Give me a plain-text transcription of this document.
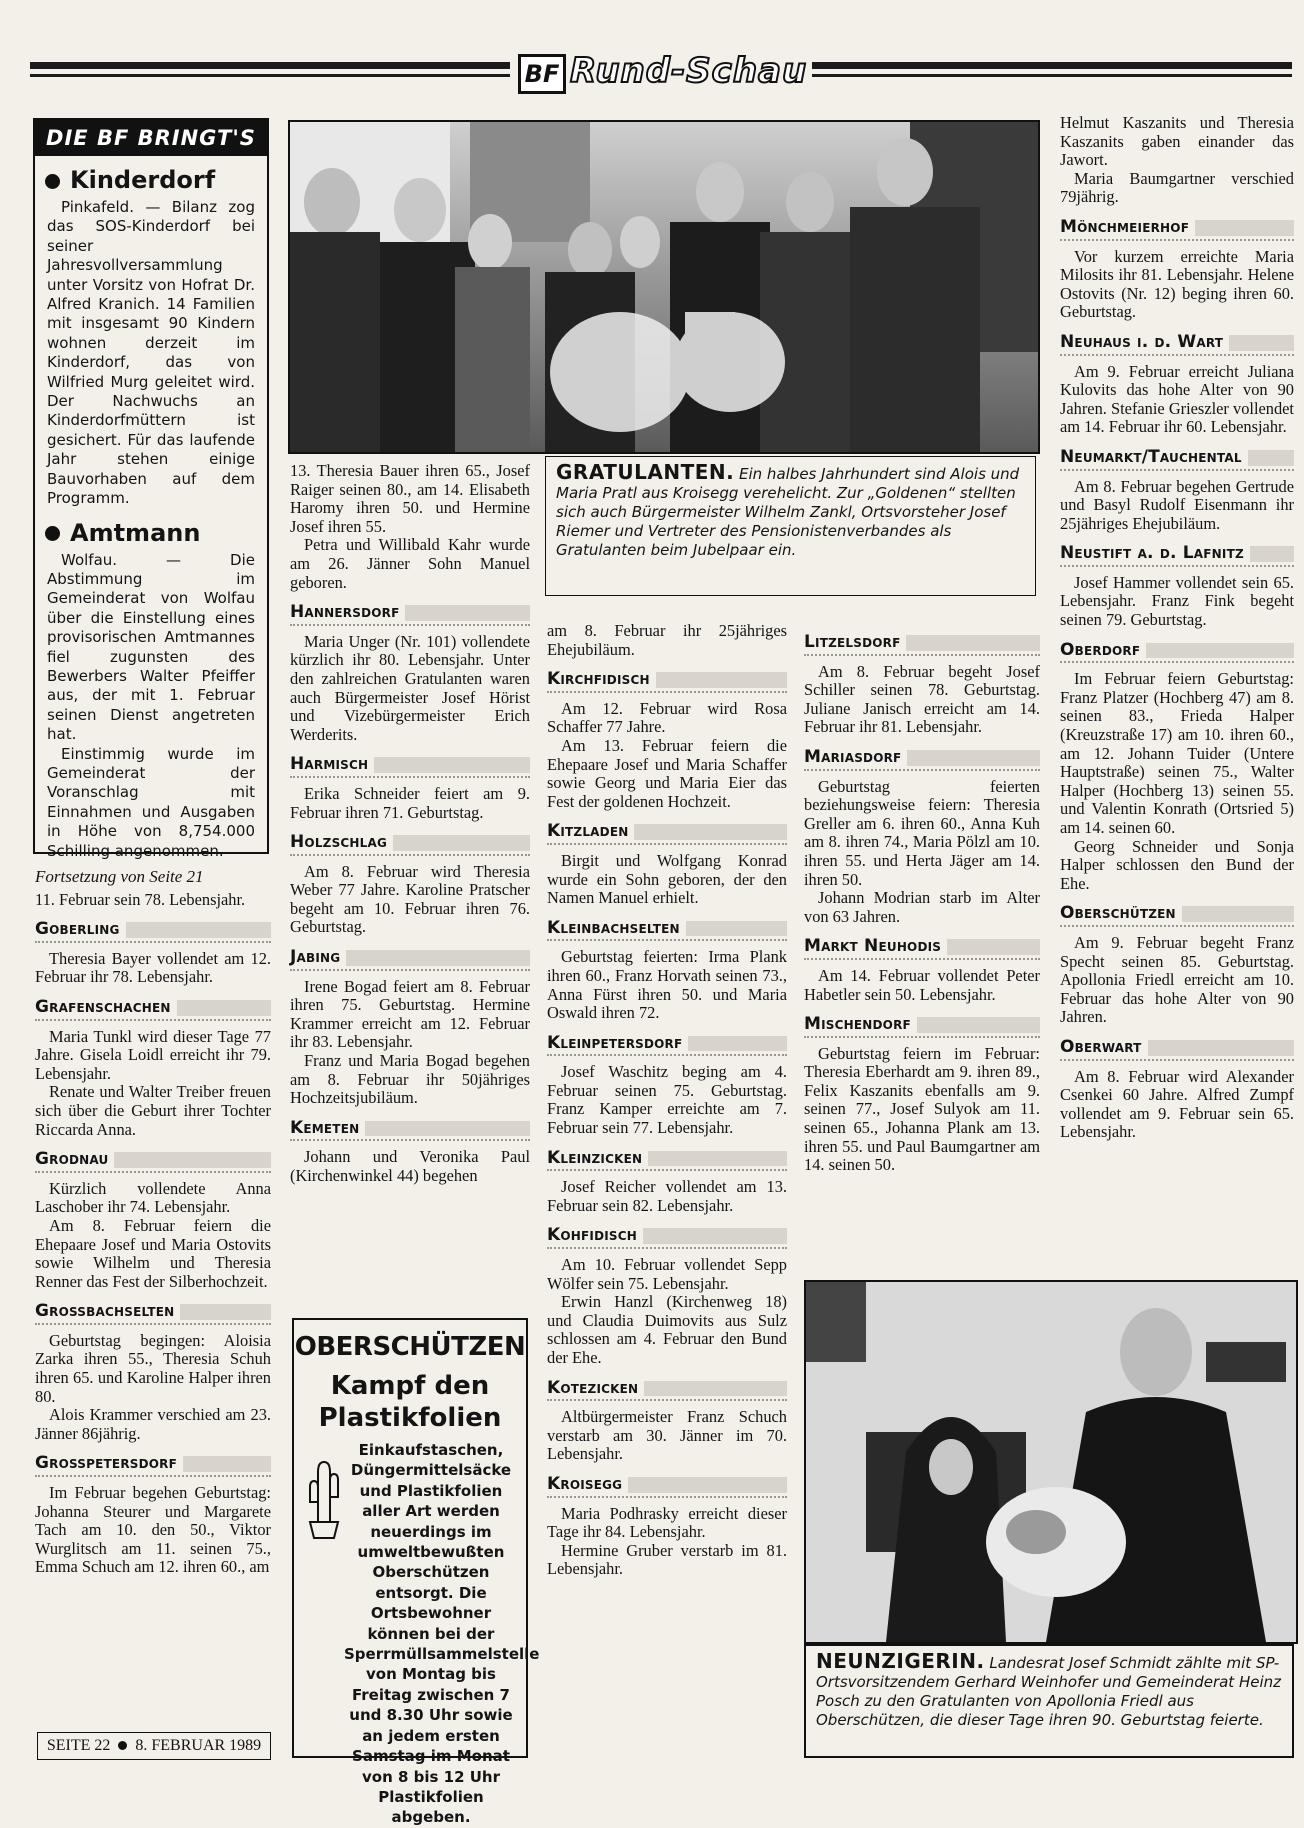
BF Rund-Schau
DIE BF BRINGT'S
Kinderdorf

Pinkafeld. — Bilanz zog das SOS-Kinderdorf bei seiner Jahresvollversammlung unter Vorsitz von Hofrat Dr. Alfred Kranich. 14 Familien mit insgesamt 90 Kindern wohnen derzeit im Kinderdorf, das von Wilfried Murg geleitet wird. Der Nachwuchs an Kinderdorfmüttern ist gesichert. Für das laufende Jahr stehen einige Bauvorhaben auf dem Programm.

Amtmann

Wolfau. — Die Abstimmung im Gemeinderat von Wolfau über die Einstellung eines provisorischen Amtmannes fiel zugunsten des Bewerbers Walter Pfeiffer aus, der mit 1. Februar seinen Dienst angetreten hat.

Einstimmig wurde im Gemeinderat der Voranschlag mit Einnahmen und Ausgaben in Höhe von 8,754.000 Schilling angenommen.

Fortsetzung von Seite 21

11. Februar sein 78. Lebensjahr.

Goberling

Theresia Bayer vollendet am 12. Februar ihr 78. Lebensjahr.

Grafenschachen

Maria Tunkl wird dieser Tage 77 Jahre. Gisela Loidl erreicht ihr 79. Lebensjahr.

Renate und Walter Treiber freuen sich über die Geburt ihrer Tochter Riccarda Anna.

Grodnau

Kürzlich vollendete Anna Laschober ihr 74. Lebensjahr.

Am 8. Februar feiern die Ehepaare Josef und Maria Ostovits sowie Wilhelm und Theresia Renner das Fest der Silberhochzeit.

Grossbachselten

Geburtstag begingen: Aloisia Zarka ihren 55., Theresia Schuh ihren 65. und Karoline Halper ihren 80.

Alois Krammer verschied am 23. Jänner 86jährig.

Grosspetersdorf

Im Februar begehen Geburtstag: Johanna Steurer und Margarete Tach am 10. den 50., Viktor Wurglitsch am 11. seinen 75., Emma Schuch am 12. ihren 60., am

SEITE 22 8. FEBRUAR 1989
GRATULANTEN. Ein halbes Jahrhundert sind Alois und Maria Pratl aus Kroisegg verehelicht. Zur „Goldenen“ stellten sich auch Bürgermeister Wilhelm Zankl, Ortsvorsteher Josef Riemer und Vertreter des Pensionistenverbandes als Gratulanten beim Jubelpaar ein.

13. Theresia Bauer ihren 65., Josef Raiger seinen 80., am 14. Elisabeth Haromy ihren 50. und Hermine Josef ihren 55.

Petra und Willibald Kahr wurde am 26. Jänner Sohn Manuel geboren.

Hannersdorf

Maria Unger (Nr. 101) vollendete kürzlich ihr 80. Lebensjahr. Unter den zahlreichen Gratulanten waren auch Bürgermeister Josef Hörist und Vizebürgermeister Erich Werderits.

Harmisch

Erika Schneider feiert am 9. Februar ihren 71. Geburtstag.

Holzschlag

Am 8. Februar wird Theresia Weber 77 Jahre. Karoline Pratscher begeht am 10. Februar ihren 76. Geburtstag.

Jabing

Irene Bogad feiert am 8. Februar ihren 75. Geburtstag. Hermine Krammer erreicht am 12. Februar ihr 83. Lebensjahr.

Franz und Maria Bogad begehen am 8. Februar ihr 50jähriges Hochzeitsjubiläum.

Kemeten

Johann und Veronika Paul (Kirchenwinkel 44) begehen

OBERSCHÜTZEN
Kampf den Plastikfolien
Einkaufstaschen, Düngermittelsäcke und Plastikfolien aller Art werden neuerdings im umweltbewußten Oberschützen entsorgt. Die Ortsbewohner können bei der Sperrmüllsammelstelle von Montag bis Freitag zwischen 7 und 8.30 Uhr sowie an jedem ersten Samstag im Monat von 8 bis 12 Uhr Plastikfolien abgeben.

am 8. Februar ihr 25jähriges Ehejubiläum.

Kirchfidisch

Am 12. Februar wird Rosa Schaffer 77 Jahre.

Am 13. Februar feiern die Ehepaare Josef und Maria Schaffer sowie Georg und Maria Eier das Fest der goldenen Hochzeit.

Kitzladen

Birgit und Wolfgang Konrad wurde ein Sohn geboren, der den Namen Manuel erhielt.

Kleinbachselten

Geburtstag feierten: Irma Plank ihren 60., Franz Horvath seinen 73., Anna Fürst ihren 50. und Maria Oswald ihren 72.

Kleinpetersdorf

Josef Waschitz beging am 4. Februar seinen 75. Geburtstag. Franz Kamper erreichte am 7. Februar sein 77. Lebensjahr.

Kleinzicken

Josef Reicher vollendet am 13. Februar sein 82. Lebensjahr.

Kohfidisch

Am 10. Februar vollendet Sepp Wölfer sein 75. Lebensjahr.

Erwin Hanzl (Kirchenweg 18) und Claudia Duimovits aus Sulz schlossen am 4. Februar den Bund der Ehe.

Kotezicken

Altbürgermeister Franz Schuch verstarb am 30. Jänner im 70. Lebensjahr.

Kroisegg

Maria Podhrasky erreicht dieser Tage ihr 84. Lebensjahr.

Hermine Gruber verstarb im 81. Lebensjahr.

Litzelsdorf

Am 8. Februar begeht Josef Schiller seinen 78. Geburtstag. Juliane Janisch erreicht am 14. Februar ihr 81. Lebensjahr.

Mariasdorf

Geburtstag feierten beziehungsweise feiern: Theresia Greller am 6. ihren 60., Anna Kuh am 8. ihren 74., Maria Pölzl am 10. ihren 55. und Herta Jäger am 14. ihren 50.

Johann Modrian starb im Alter von 63 Jahren.

Markt Neuhodis

Am 14. Februar vollendet Peter Habetler sein 50. Lebensjahr.

Mischendorf

Geburtstag feiern im Februar: Theresia Eberhardt am 9. ihren 89., Felix Kaszanits ebenfalls am 9. seinen 77., Josef Sulyok am 11. seinen 65., Johanna Plank am 13. ihren 55. und Paul Baumgartner am 14. seinen 50.

NEUNZIGERIN. Landesrat Josef Schmidt zählte mit SP-Ortsvorsitzendem Gerhard Weinhofer und Gemeinderat Heinz Posch zu den Gratulanten von Apollonia Friedl aus Oberschützen, die dieser Tage ihren 90. Geburtstag feierte.

Helmut Kaszanits und Theresia Kaszanits gaben einander das Jawort.

Maria Baumgartner verschied 79jährig.

Mönchmeierhof

Vor kurzem erreichte Maria Milosits ihr 81. Lebensjahr. Helene Ostovits (Nr. 12) beging ihren 60. Geburtstag.

Neuhaus i. d. Wart

Am 9. Februar erreicht Juliana Kulovits das hohe Alter von 90 Jahren. Stefanie Grieszler vollendet am 14. Februar ihr 60. Lebensjahr.

Neumarkt/Tauchental

Am 8. Februar begehen Gertrude und Basyl Rudolf Eisenmann ihr 25jähriges Ehejubiläum.

Neustift a. d. Lafnitz

Josef Hammer vollendet sein 65. Lebensjahr. Franz Fink begeht seinen 79. Geburtstag.

Oberdorf

Im Februar feiern Geburtstag: Franz Platzer (Hochberg 47) am 8. seinen 83., Frieda Halper (Kreuzstraße 17) am 10. ihren 60., am 12. Johann Tuider (Untere Hauptstraße) seinen 75., Walter Halper (Hochberg 13) seinen 55. und Valentin Konrath (Ortsried 5) am 14. seinen 60.

Georg Schneider und Sonja Halper schlossen den Bund der Ehe.

Oberschützen

Am 9. Februar begeht Franz Specht seinen 85. Geburtstag. Apollonia Friedl erreicht am 10. Februar das hohe Alter von 90 Jahren.

Oberwart

Am 8. Februar wird Alexander Csenkei 60 Jahre. Alfred Zumpf vollendet am 9. Februar sein 65. Lebensjahr.
